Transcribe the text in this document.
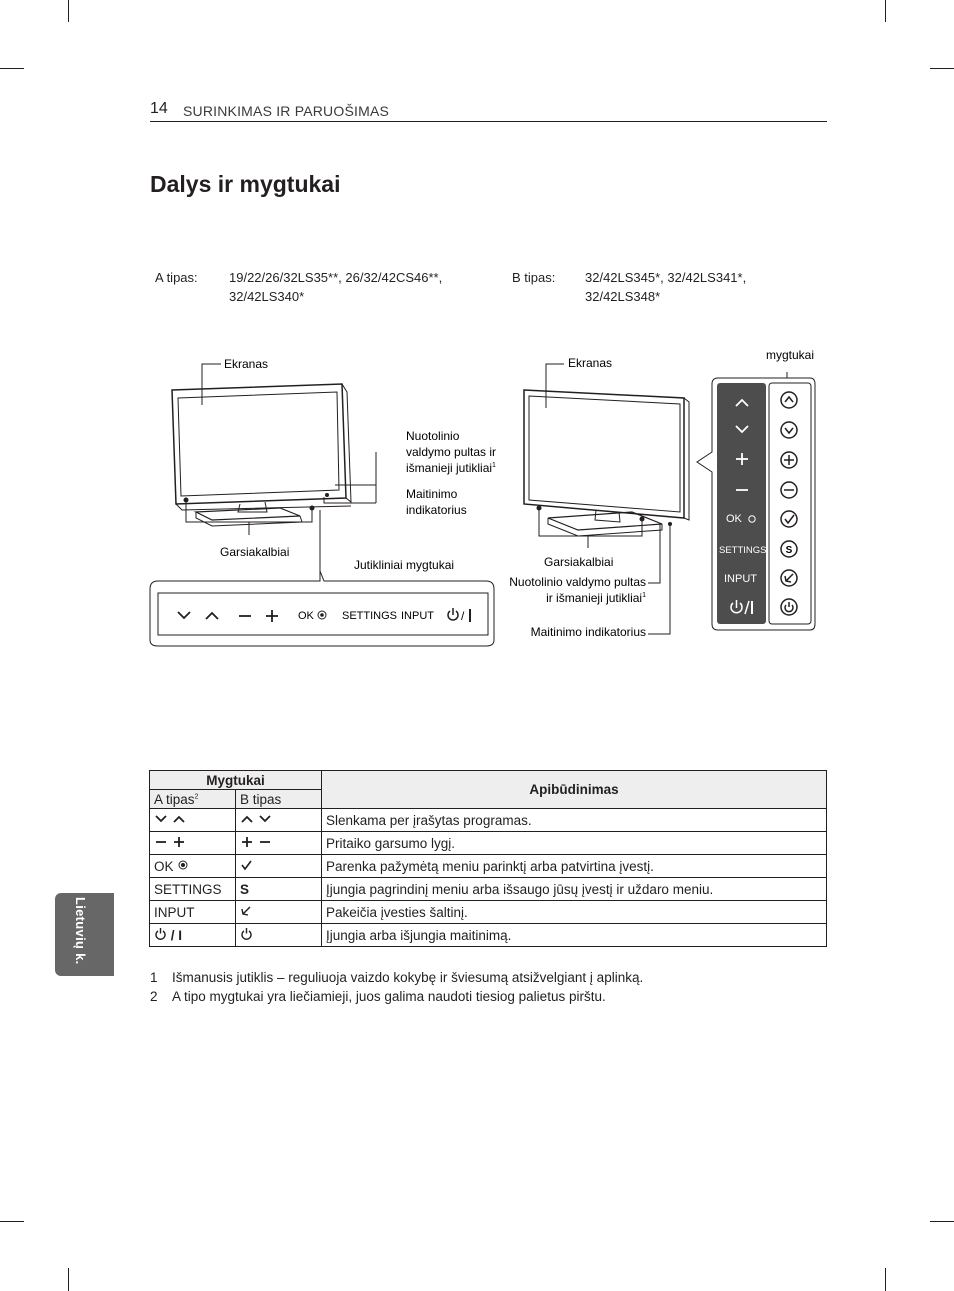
14 SURINKIMAS IR PARUOŠIMAS
Dalys ir mygtukai
A tipas: 19/22/26/32LS35**, 26/32/42CS46**,
32/42LS340*
B tipas: 32/42LS345*, 32/42LS341*,
32/42LS348*
Ekranas
Garsiakalbiai
Nuotolinio
valdymo pultas ir
išmanieji jutikliai$^1$
Maitinimo
indikatorius
Jutikliniai mygtukai
OK	SETTINGS INPUT /
Ekranas
mygtukai
Garsiakalbiai
Nuotolinio valdymo pultas
ir išmanieji jutikliai$^1$
Maitinimo indikatorius
OK
SETTINGS
INPUT
S
Mygtukai		Apibūdinimas
A tipas$^2$	B tipas	
		Slenkama per įrašytas programas.
		Pritaiko garsumo lygį.
OK		Parenka pažymėtą meniu parinktį arba patvirtina įvestį.
SETTINGS	S	Įjungia pagrindinį meniu arba išsaugo jūsų įvestį ir uždaro meniu.
INPUT		Pakeičia įvesties šaltinį.
/ I		Įjungia arba išjungia maitinimą.
1 Išmanusis jutiklis – reguliuoja vaizdo kokybę ir šviesumą atsižvelgiant į aplinką.
2 A tipo mygtukai yra liečiamieji, juos galima naudoti tiesiog palietus pirštu.
Lietuvių k.
